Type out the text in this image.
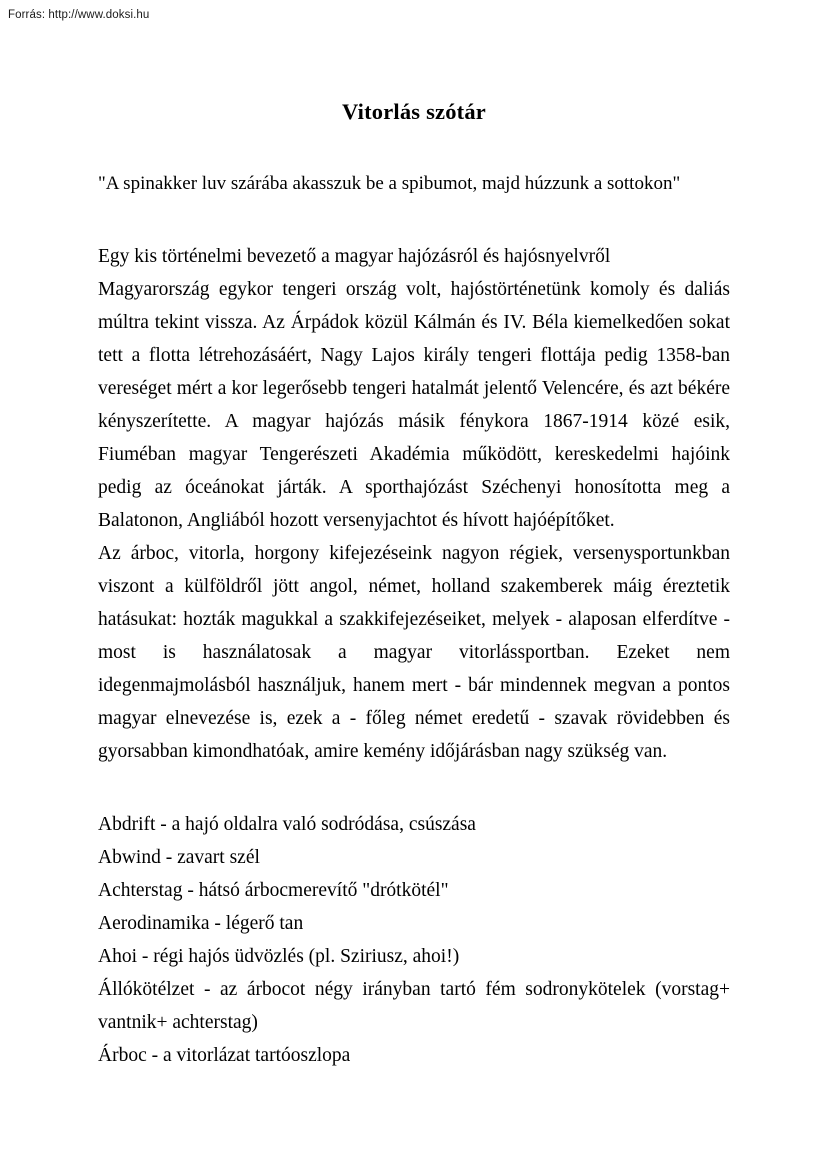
Forrás: http://www.doksi.hu
Vitorlás szótár
"A spinakker luv szárába akasszuk be a spibumot, majd húzzunk a sottokon"

Egy kis történelmi bevezető a magyar hajózásról és hajósnyelvről

Magyarország egykor tengeri ország volt, hajóstörténetünk komoly és daliás múltra tekint vissza. Az Árpádok közül Kálmán és IV. Béla kiemelkedően sokat tett a flotta létrehozásáért, Nagy Lajos király tengeri flottája pedig 1358-ban vereséget mért a kor legerősebb tengeri hatalmát jelentő Velencére, és azt békére kényszerítette. A magyar hajózás másik fénykora 1867-1914 közé esik, Fiuméban magyar Tengerészeti Akadémia működött, kereskedelmi hajóink pedig az óceánokat járták. A sporthajózást Széchenyi honosította meg a Balatonon, Angliából hozott versenyjachtot és hívott hajóépítőket.

Az árboc, vitorla, horgony kifejezéseink nagyon régiek, versenysportunkban viszont a külföldről jött angol, német, holland szakemberek máig éreztetik hatásukat: hozták magukkal a szakkifejezéseiket, melyek - alaposan elferdítve - most is használatosak a magyar vitorlássportban. Ezeket nem idegenmajmolásból használjuk, hanem mert - bár mindennek megvan a pontos magyar elnevezése is, ezek a - főleg német eredetű - szavak rövidebben és gyorsabban kimondhatóak, amire kemény időjárásban nagy szükség van.

Abdrift - a hajó oldalra való sodródása, csúszása

Abwind - zavart szél

Achterstag - hátsó árbocmerevítő "drótkötél"

Aerodinamika - légerő tan

Ahoi - régi hajós üdvözlés (pl. Sziriusz, ahoi!)

Állókötélzet - az árbocot négy irányban tartó fém sodronykötelek (vorstag+ vantnik+ achterstag)

Árboc - a vitorlázat tartóoszlopa
